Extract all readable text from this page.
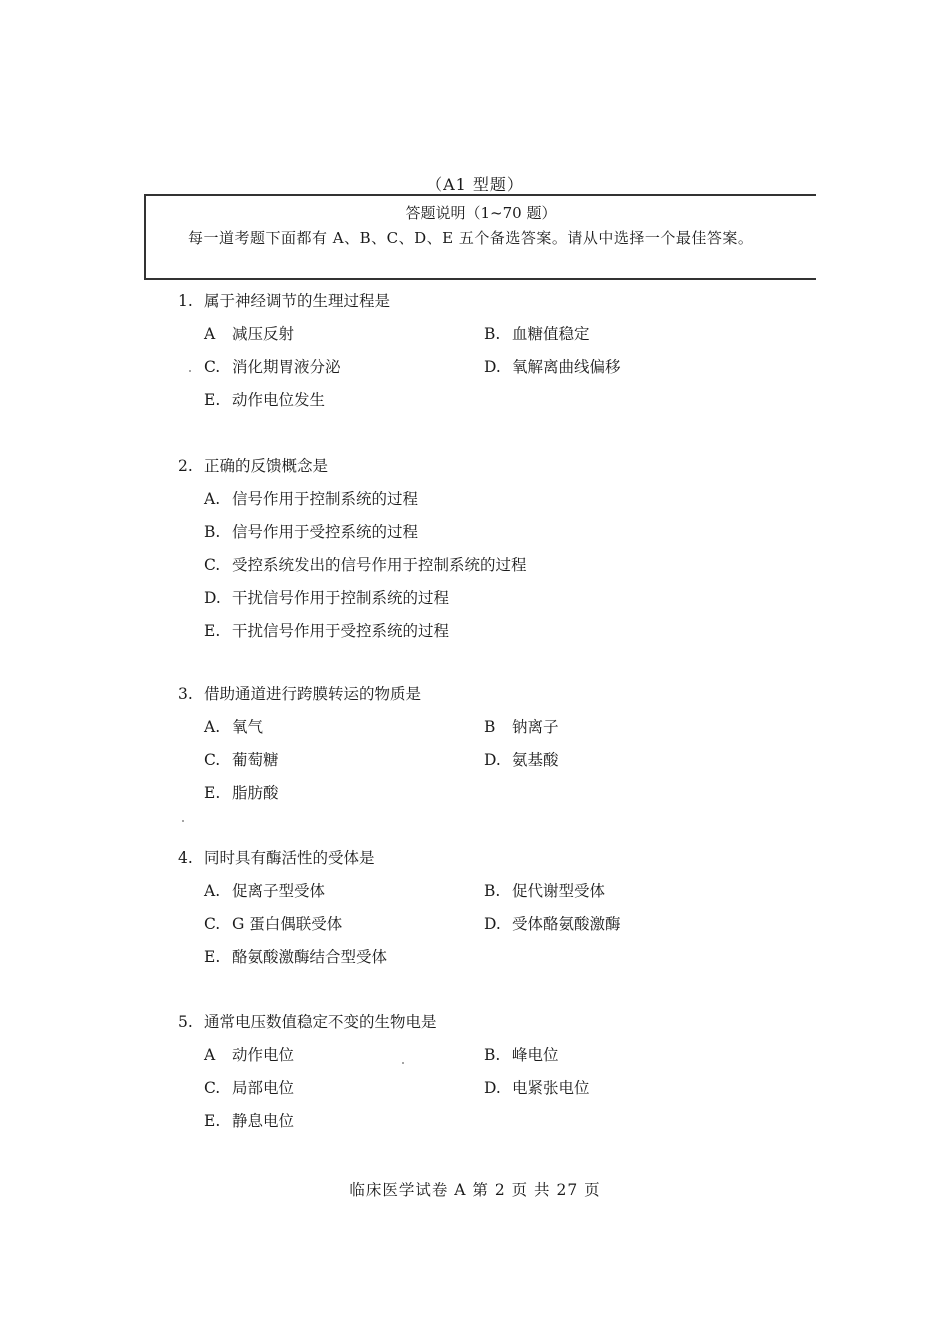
（A1 型题）
答题说明（1~70 题）
每一道考题下面都有 A、B、C、D、E 五个备选答案。请从中选择一个最佳答案。
1. 属于神经调节的生理过程是
A 减压反射	B. 血糖值稳定
C. 消化期胃液分泌	D. 氧解离曲线偏移
E. 动作电位发生
2. 正确的反馈概念是
A. 信号作用于控制系统的过程
B. 信号作用于受控系统的过程
C. 受控系统发出的信号作用于控制系统的过程
D. 干扰信号作用于控制系统的过程
E. 干扰信号作用于受控系统的过程
3. 借助通道进行跨膜转运的物质是
A. 氧气	B 钠离子
C. 葡萄糖	D. 氨基酸
E. 脂肪酸
4. 同时具有酶活性的受体是
A. 促离子型受体	B. 促代谢型受体
C. G 蛋白偶联受体	D. 受体酪氨酸激酶
E. 酪氨酸激酶结合型受体
5. 通常电压数值稳定不变的生物电是
A 动作电位	B. 峰电位
C. 局部电位	D. 电紧张电位
E. 静息电位
临床医学试卷 A 第 2 页 共 27 页
